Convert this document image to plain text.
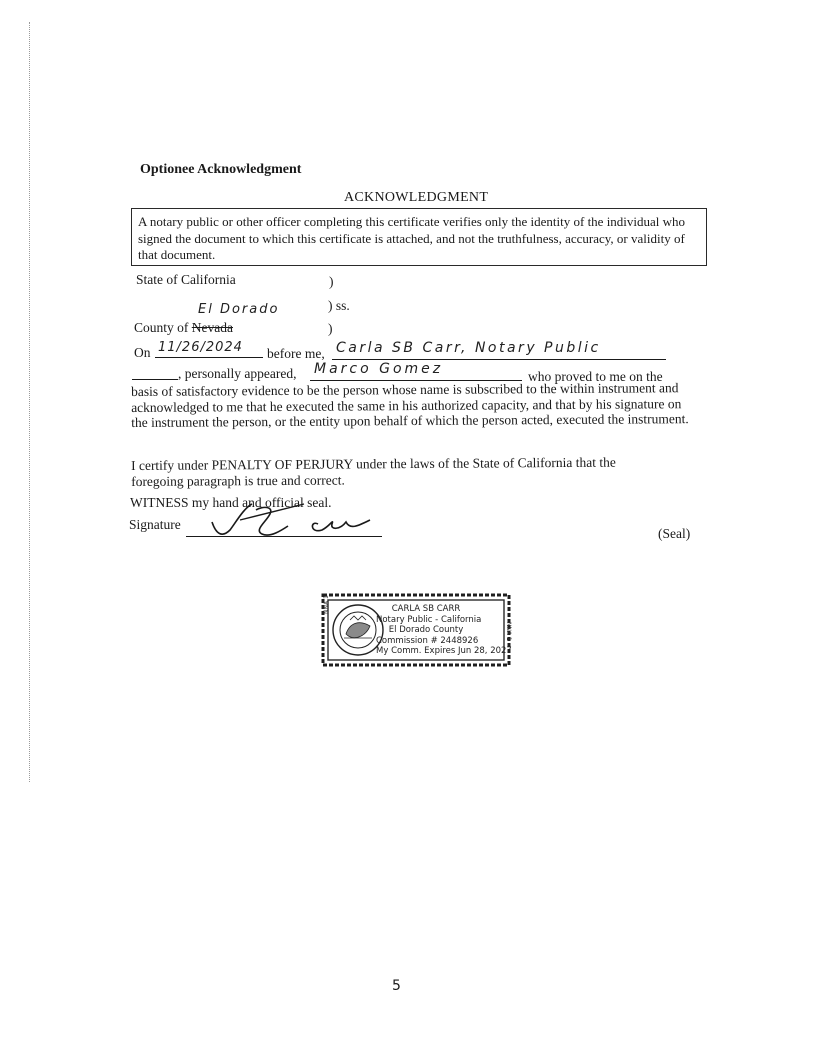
Optionee Acknowledgment
ACKNOWLEDGMENT
A notary public or other officer completing this certificate verifies only the identity of the individual who signed the document to which this certificate is attached, and not the truthfulness, accuracy, or validity of that document.
State of California	)
El Dorado	) ss.
County of Nevada	)
On 11/26/2024 before me, Carla SB Carr, Notary Public
, personally appeared, Marco Gomez	who proved to me on the
basis of satisfactory evidence to be the person whose name is subscribed to the within instrument and acknowledged to me that he executed the same in his authorized capacity, and that by his signature on the instrument the person, or the entity upon behalf of which the person acted, executed the instrument.
I certify under PENALTY OF PERJURY under the laws of the State of California that the foregoing paragraph is true and correct.
WITNESS my hand and official seal.
Signature
(Seal)
NNA 1
NNA 1
CARLA SB CARR
Notary Public - California
El Dorado County
Commission # 2448926
My Comm. Expires Jun 28, 2027
5
